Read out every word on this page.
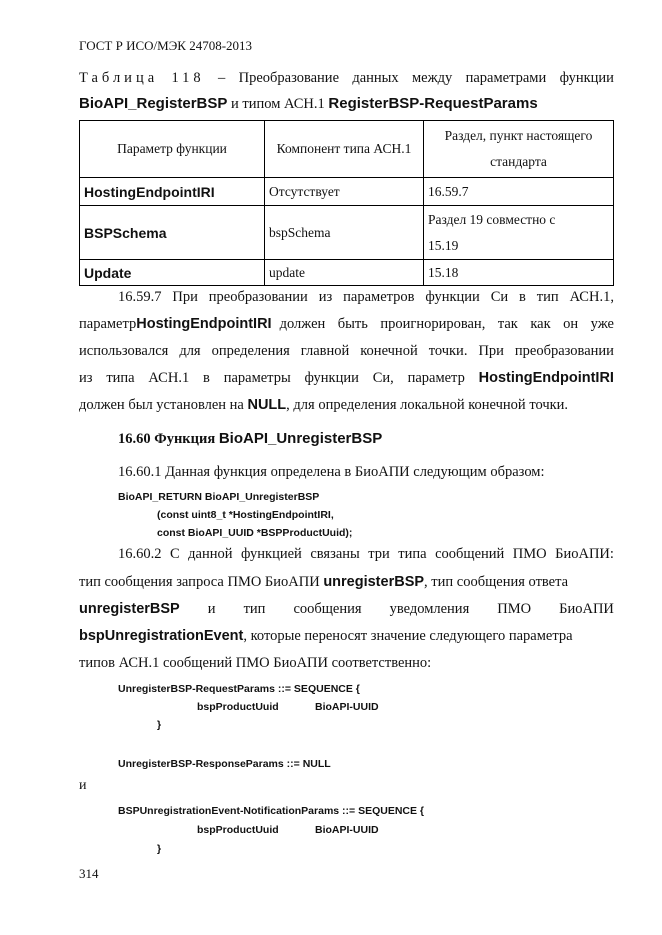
ГОСТ Р ИСО/МЭК 24708-2013
Таблица 118 – Преобразование данных между параметрами функции
BioAPI_RegisterBSP и типом АСН.1 RegisterBSP-RequestParams
Параметр функции	Компонент типа АСН.1	Раздел, пункт настоящего стандарта
HostingEndpointIRI	Отсутствует	16.59.7
BSPSchema	bspSchema	Раздел 19 совместно с
15.19
Update	update	15.18
16.59.7 При преобразовании из параметров функции Си в тип АСН.1,
параметр HostingEndpointIRI должен быть проигнорирован, так как он уже
использовался для определения главной конечной точки. При преобразовании
из типа АСН.1 в параметры функции Си, параметр HostingEndpointIRI
должен был установлен на NULL, для определения локальной конечной точки.
16.60 Функция BioAPI_UnregisterBSP
16.60.1 Данная функция определена в БиоАПИ следующим образом:
BioAPI_RETURN BioAPI_UnregisterBSP
(const uint8_t *HostingEndpointIRI,
const BioAPI_UUID *BSPProductUuid);
16.60.2 С данной функцией связаны три типа сообщений ПМО БиоАПИ:
тип сообщения запроса ПМО БиоАПИ unregisterBSP, тип сообщения ответа
unregisterBSP и тип сообщения уведомления ПМО БиоАПИ
bspUnregistrationEvent, которые переносят значение следующего параметра
типов АСН.1 сообщений ПМО БиоАПИ соответственно:
UnregisterBSP-RequestParams ::= SEQUENCE {
bspProductUuid	BioAPI-UUID
}
UnregisterBSP-ResponseParams ::= NULL
и
BSPUnregistrationEvent-NotificationParams ::= SEQUENCE {
bspProductUuid	BioAPI-UUID
}
314
